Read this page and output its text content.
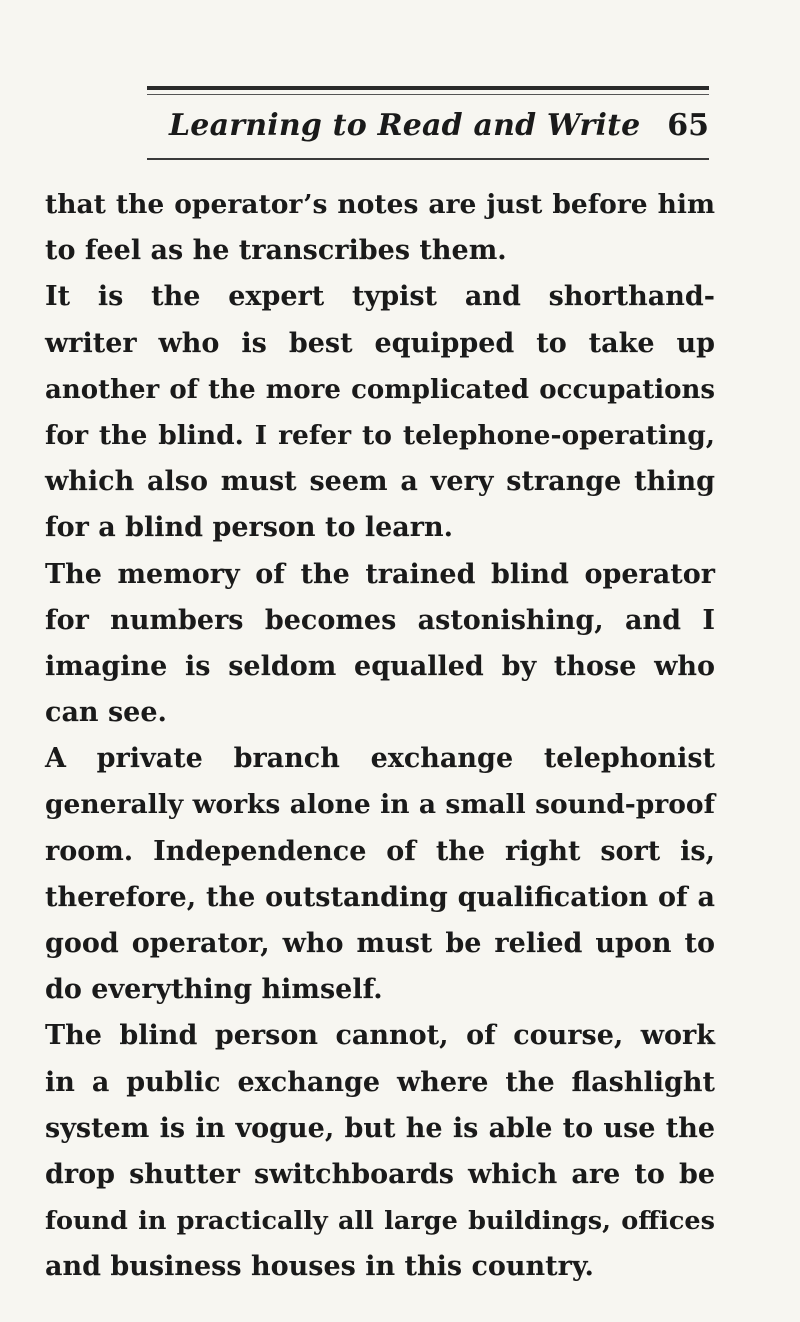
Learning to Read and Write 65
that the operator’s notes are just before him
to feel as he transcribes them.
It is the expert typist and shorthand-
writer who is best equipped to take up
another of the more complicated occupations
for the blind. I refer to telephone-operating,
which also must seem a very strange thing
for a blind person to learn.
The memory of the trained blind operator
for numbers becomes astonishing, and I
imagine is seldom equalled by those who
can see.
A private branch exchange telephonist
generally works alone in a small sound-proof
room. Independence of the right sort is,
therefore, the outstanding qualification of a
good operator, who must be relied upon to
do everything himself.
The blind person cannot, of course, work
in a public exchange where the flashlight
system is in vogue, but he is able to use the
drop shutter switchboards which are to be
found in practically all large buildings, offices
and business houses in this country.
